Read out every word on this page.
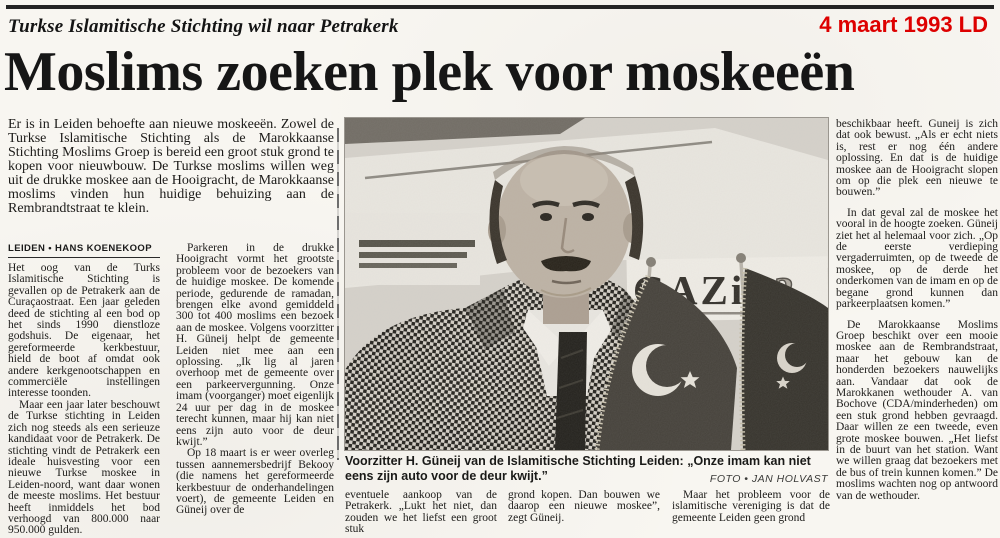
Turkse Islamitische Stichting wil naar Petrakerk	4 maart 1993 LD
Moslims zoeken plek voor moskeeën
Er is in Leiden behoefte aan nieuwe moskeeën. Zowel de Turkse Islamitische Stichting als de Marokkaanse Stichting Moslims Groep is bereid een groot stuk grond te kopen voor nieuwbouw. De Turkse moslims willen weg uit de drukke moskee aan de Hooigracht, de Marokkaanse moslims vinden hun huidige behuizing aan de Rembrandtstraat te klein.
LEIDEN • HANS KOENEKOOP

Het oog van de Turks Islamitische Stichting is gevallen op de Petrakerk aan de Curaçaostraat. Een jaar geleden deed de stichting al een bod op het sinds 1990 dienstloze godshuis. De eigenaar, het gereformeerde kerkbestuur, hield de boot af omdat ook andere kerkgenootschappen en commerciële instellingen interesse toonden.

Maar een jaar later beschouwt de Turkse stichting in Leiden zich nog steeds als een serieuze kandidaat voor de Petrakerk. De stichting vindt de Petrakerk een ideale huisvesting voor een nieuwe Turkse moskee in Leiden-noord, want daar wonen de meeste moslims. Het bestuur heeft inmiddels het bod verhoogd van 800.000 naar 950.000 gulden.

Parkeren in de drukke Hooigracht vormt het grootste probleem voor de bezoekers van de huidige moskee. De komende periode, gedurende de ramadan, brengen elke avond gemiddeld 300 tot 400 moslims een bezoek aan de moskee. Volgens voorzitter H. Güneij helpt de gemeente Leiden niet mee aan een oplossing. „Ik lig al jaren overhoop met de gemeente over een parkeervergunning. Onze imam (voorganger) moet eigenlijk 24 uur per dag in de moskee terecht kunnen, maar hij kan niet eens zijn auto voor de deur kwijt.”

Op 18 maart is er weer overleg tussen aannemersbedrijf Bekooy (die namens het gereformeerde kerkbestuur de onderhandelingen voert), de gemeente Leiden en Güneij over de

Voorzitter H. Güneij van de Islamitische Stichting Leiden: „Onze imam kan niet eens zijn auto voor de deur kwijt.”	FOTO • JAN HOLVAST

eventuele aankoop van de Petrakerk. „Lukt het niet, dan zouden we het liefst een groot stuk

grond kopen. Dan bouwen we daarop een nieuwe moskee”, zegt Güneij.

Maar het probleem voor de islamitische vereniging is dat de gemeente Leiden geen grond

beschikbaar heeft. Guneij is zich dat ook bewust. „Als er echt niets is, rest er nog één andere oplossing. En dat is de huidige moskee aan de Hooigracht slopen om op die plek een nieuwe te bouwen.”

In dat geval zal de moskee het vooral in de hoogte zoeken. Güneij ziet het al helemaal voor zich. „Op de eerste verdieping vergaderruimten, op de tweede de moskee, op de derde het onderkomen van de imam en op de begane grond kunnen dan parkeerplaatsen komen.”

De Marokkaanse Moslims Groep beschikt over een mooie moskee aan de Rembrandstraat, maar het gebouw kan de honderden bezoekers nauwelijks aan. Vandaar dat ook de Marokkanen wethouder A. van Bochove (CDA/minderheden) om een stuk grond hebben gevraagd. Daar willen ze een tweede, even grote moskee bouwen. „Het liefst in de buurt van het station. Want we willen graag dat bezoekers met de bus of trein kunnen komen.” De moslims wachten nog op antwoord van de wethouder.
